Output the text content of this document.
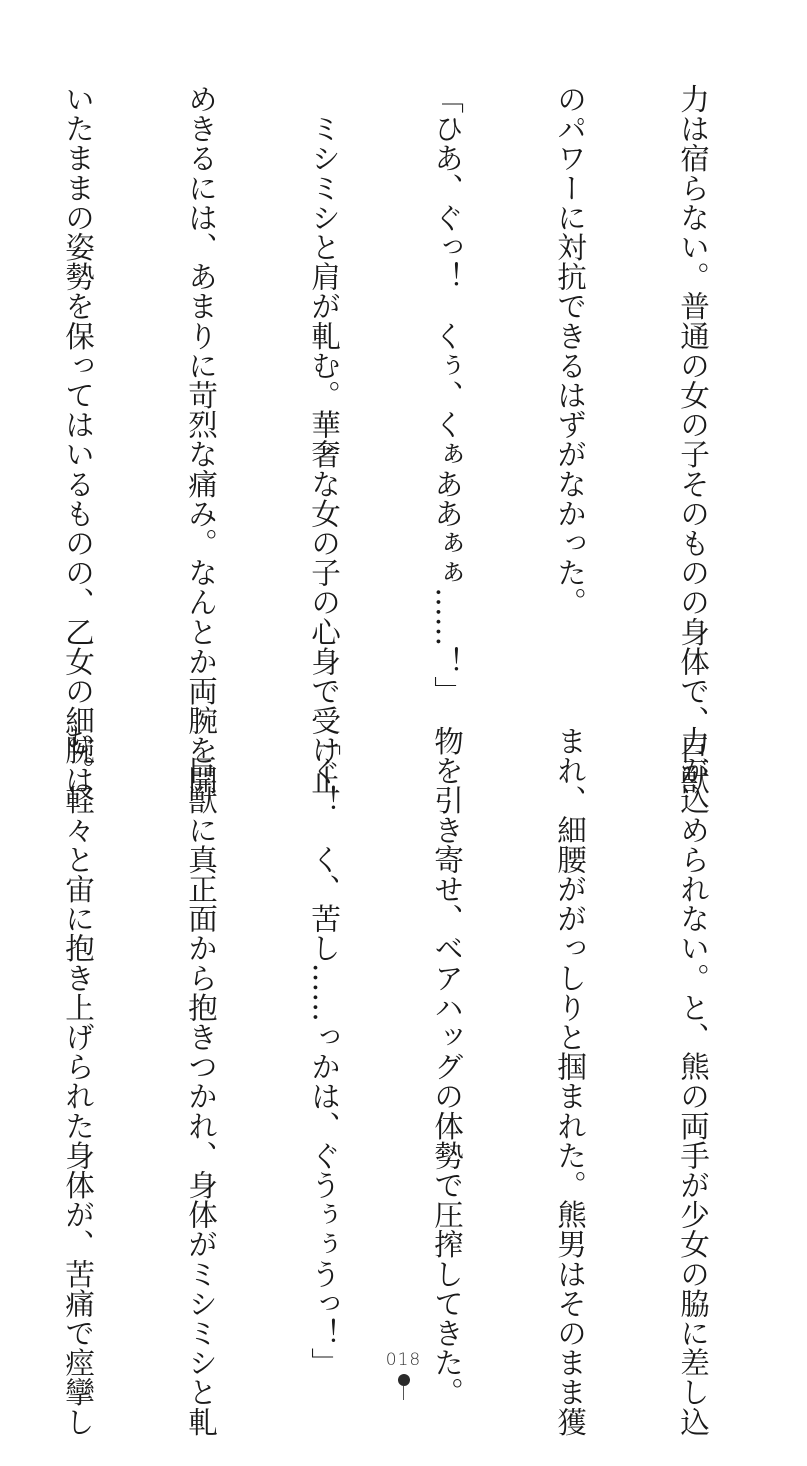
力は宿らない。普通の女の子そのものの身体で、巨獣

のパワーに対抗できるはずがなかった。

「ひあ、ぐっ！　くぅ、くぁああぁぁ……！」

　ミシミシと肩が軋む。華奢な女の子の心身で受け止

めきるには、あまりに苛烈な痛み。なんとか両腕を開

いたままの姿勢を保ってはいるものの、乙女の細腕は

力が込められない。と、熊の両手が少女の脇に差し込

まれ、細腰ががっしりと掴まれた。熊男はそのまま獲

物を引き寄せ、ベアハッグの体勢で圧搾してきた。

「ぐ！　く、苦し……っかは、ぐうぅぅうっ！」

　巨獣に真正面から抱きつかれ、身体がミシミシと軋

む。軽々と宙に抱き上げられた身体が、苦痛で痙攣し

	018
